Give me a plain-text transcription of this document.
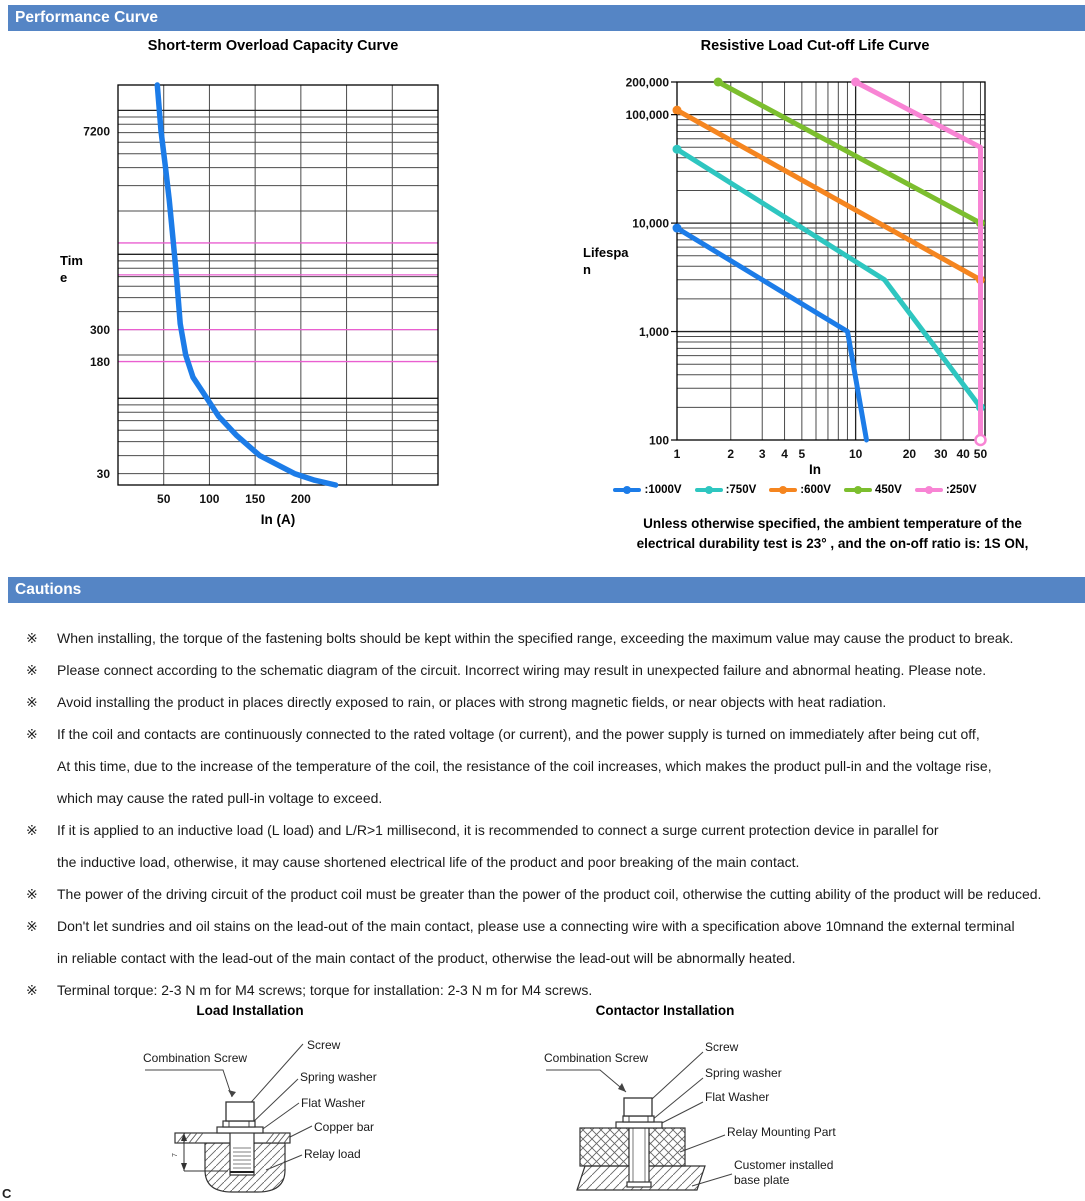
Performance Curve
Short-term Overload Capacity Curve
Tim
e
7200
300
180
30
50 100 150 200
In (A)
Resistive Load Cut-off Life Curve
Lifespa
n
200,000
100,000
10,000
1,000
100
1	2 3 4 5	10	20 30 40 50
In
:1000V	:750V	:600V	450V	:250V
Unless otherwise specified, the ambient temperature of the
electrical durability test is 23° , and the on-off ratio is: 1S ON,
Cautions
※	When installing, the torque of the fastening bolts should be kept within the specified range, exceeding the maximum value may cause the product to break.
※	Please connect according to the schematic diagram of the circuit. Incorrect wiring may result in unexpected failure and abnormal heating. Please note.
※	Avoid installing the product in places directly exposed to rain, or places with strong magnetic fields, or near objects with heat radiation.
※	If the coil and contacts are continuously connected to the rated voltage (or current), and the power supply is turned on immediately after being cut off,
At this time, due to the increase of the temperature of the coil, the resistance of the coil increases, which makes the product pull-in and the voltage rise,
which may cause the rated pull-in voltage to exceed.
※	If it is applied to an inductive load (L load) and L/R>1 millisecond, it is recommended to connect a surge current protection device in parallel for
the inductive load, otherwise, it may cause shortened electrical life of the product and poor breaking of the main contact.
※	The power of the driving circuit of the product coil must be greater than the power of the product coil, otherwise the cutting ability of the product will be reduced.
※	Don't let sundries and oil stains on the lead-out of the main contact, please use a connecting wire with a specification above 10mnand the external terminal
in reliable contact with the lead-out of the main contact of the product, otherwise the lead-out will be abnormally heated.
※	Terminal torque: 2-3 N m for M4 screws; torque for installation: 2-3 N m for M4 screws.
Load Installation
7
Screw
Combination Screw
Spring washer
Flat Washer
Copper bar
Relay load
Contactor Installation
Screw
Combination Screw
Spring washer
Flat Washer
Relay Mounting Part
Customer installed
base plate
C
